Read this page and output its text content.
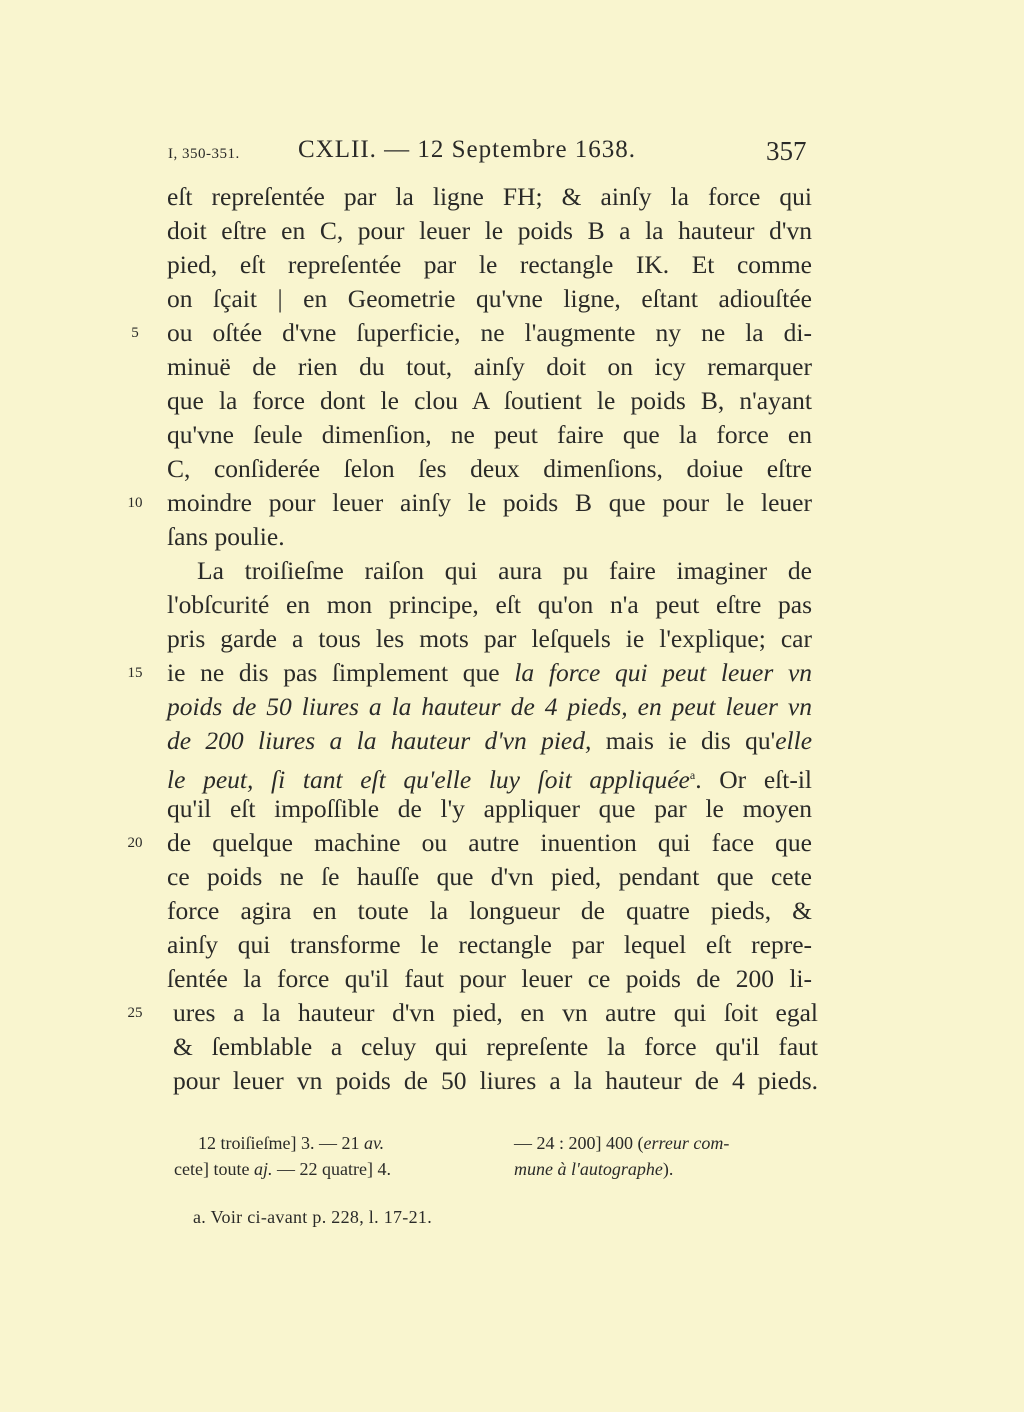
I, 350-351. CXLII. — 12 Septembre 1638.	357
eſt repreſentée par la ligne FH; & ainſy la force qui
doit eſtre en C, pour leuer le poids B a la hauteur d'vn
pied, eſt repreſentée par le rectangle IK. Et comme
on ſçait | en Geometrie qu'vne ligne, eſtant adiouſtée
5	ou oſtée d'vne ſuperficie, ne l'augmente ny ne la di-
minuë de rien du tout, ainſy doit on icy remarquer
que la force dont le clou A ſoutient le poids B, n'ayant
qu'vne ſeule dimenſion, ne peut faire que la force en
C, conſiderée ſelon ſes deux dimenſions, doiue eſtre
10 moindre pour leuer ainſy le poids B que pour le leuer
ſans poulie.
La troiſieſme raiſon qui aura pu faire imaginer de
l'obſcurité en mon principe, eſt qu'on n'a peut eſtre pas
pris garde a tous les mots par leſquels ie l'explique; car
15 ie ne dis pas ſimplement que la force qui peut leuer vn
poids de 50 liures a la hauteur de 4 pieds, en peut leuer vn
de 200 liures a la hauteur d'vn pied, mais ie dis qu'elle
le peut, ſi tant eſt qu'elle luy ſoit appliquée$^a$. Or eſt-il
qu'il eſt impoſſible de l'y appliquer que par le moyen
20 de quelque machine ou autre inuention qui face que
ce poids ne ſe hauſſe que d'vn pied, pendant que cete
force agira en toute la longueur de quatre pieds, &
ainſy qui transforme le rectangle par lequel eſt repre-
ſentée la force qu'il faut pour leuer ce poids de 200 li-
25 ures a la hauteur d'vn pied, en vn autre qui ſoit egal
& ſemblable a celuy qui repreſente la force qu'il faut
pour leuer vn poids de 50 liures a la hauteur de 4 pieds.
12 troiſieſme] 3. — 21 av.
cete] toute aj. — 22 quatre] 4.
— 24 : 200] 400 (erreur com-
mune à l'autographe).
a. Voir ci-avant p. 228, l. 17-21.
